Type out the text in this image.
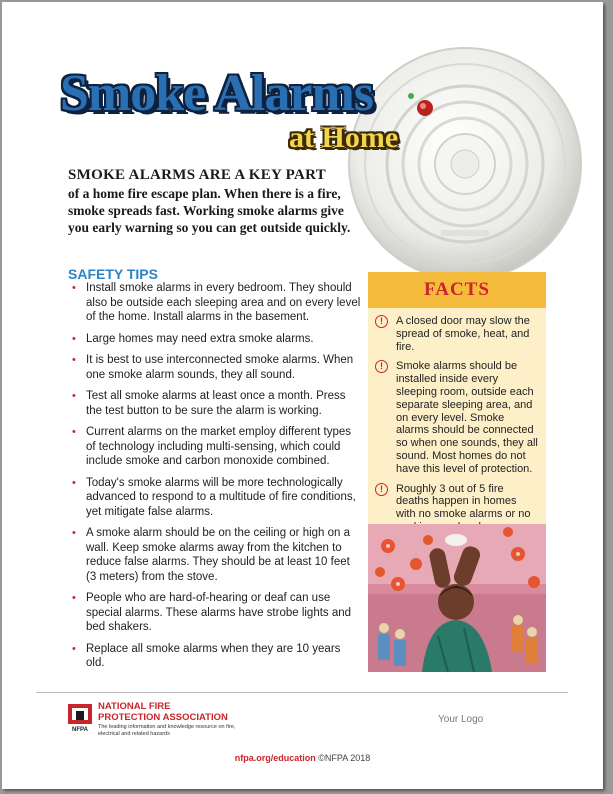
Smoke Alarms
at Home
SMOKE ALARMS ARE A KEY PART
of a home fire escape plan. When there is a fire, smoke spreads fast. Working smoke alarms give you early warning so you can get outside quickly.
SAFETY TIPS
• Install smoke alarms in every bedroom. They should also be outside each sleeping area and on every level of the home. Install alarms in the basement.
• Large homes may need extra smoke alarms.
• It is best to use interconnected smoke alarms. When one smoke alarm sounds, they all sound.
• Test all smoke alarms at least once a month. Press the test button to be sure the alarm is working.
• Current alarms on the market employ different types of technology including multi-sensing, which could include smoke and carbon monoxide combined.
• Today's smoke alarms will be more technologically advanced to respond to a multitude of fire conditions, yet mitigate false alarms.
• A smoke alarm should be on the ceiling or high on a wall. Keep smoke alarms away from the kitchen to reduce false alarms. They should be at least 10 feet (3 meters) from the stove.
• People who are hard-of-hearing or deaf can use special alarms. These alarms have strobe lights and bed shakers.
• Replace all smoke alarms when they are 10 years old.
FACTS
!	A closed door may slow the spread of smoke, heat, and fire.
!	Smoke alarms should be installed inside every sleeping room, outside each separate sleeping area, and on every level. Smoke alarms should be connected so when one sounds, they all sound. Most homes do not have this level of protection.
!	Roughly 3 out of 5 fire deaths happen in homes with no smoke alarms or no
NFPA
NATIONAL FIRE PROTECTION ASSOCIATION
The leading information and knowledge resource on fire, electrical and related hazards
Your Logo
nfpa.org/education ©NFPA 2018
